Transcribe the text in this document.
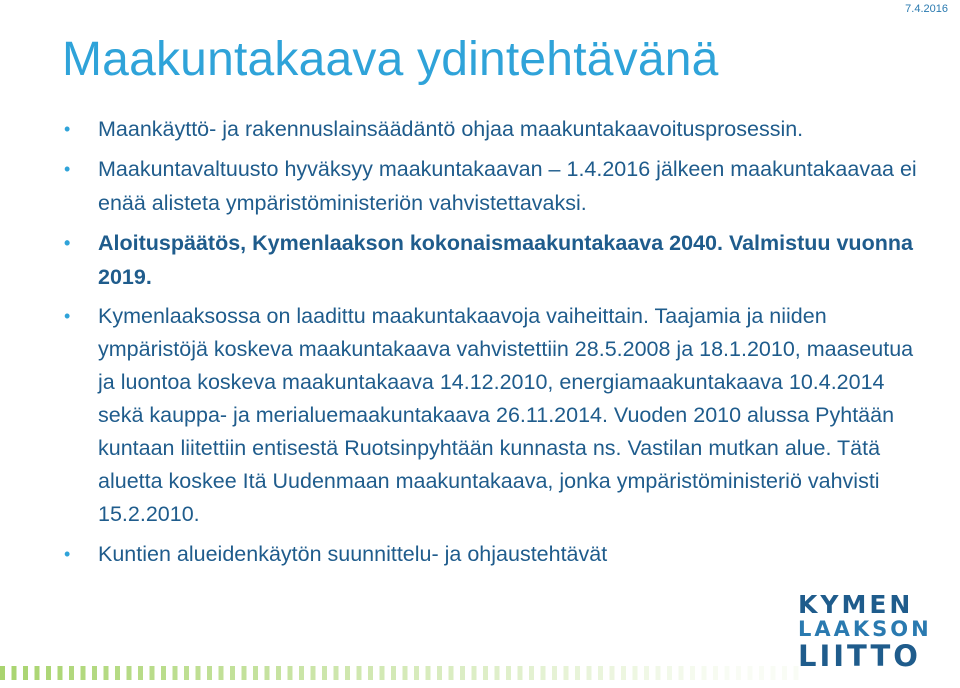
7.4.2016
Maakuntakaava ydintehtävänä
• Maankäyttö- ja rakennuslainsäädäntö ohjaa maakuntakaavoitusprosessin.
• Maakuntavaltuusto hyväksyy maakuntakaavan – 1.4.2016 jälkeen maakuntakaavaa ei enää alisteta ympäristöministeriön vahvistettavaksi.
• Aloituspäätös, Kymenlaakson kokonaismaakuntakaava 2040. Valmistuu vuonna 2019.
• Kymenlaaksossa on laadittu maakuntakaavoja vaiheittain. Taajamia ja niiden ympäristöjä koskeva maakuntakaava vahvistettiin 28.5.2008 ja 18.1.2010, maaseutua ja luontoa koskeva maakuntakaava 14.12.2010, energiamaakuntakaava 10.4.2014 sekä kauppa- ja merialuemaakuntakaava 26.11.2014. Vuoden 2010 alussa Pyhtään kuntaan liitettiin entisestä Ruotsinpyhtään kunnasta ns. Vastilan mutkan alue. Tätä aluetta koskee Itä Uudenmaan maakuntakaava, jonka ympäristöministeriö vahvisti 15.2.2010.
• Kuntien alueidenkäytön suunnittelu- ja ohjaustehtävät
KYMEN
LAAKSON
LIITTO
